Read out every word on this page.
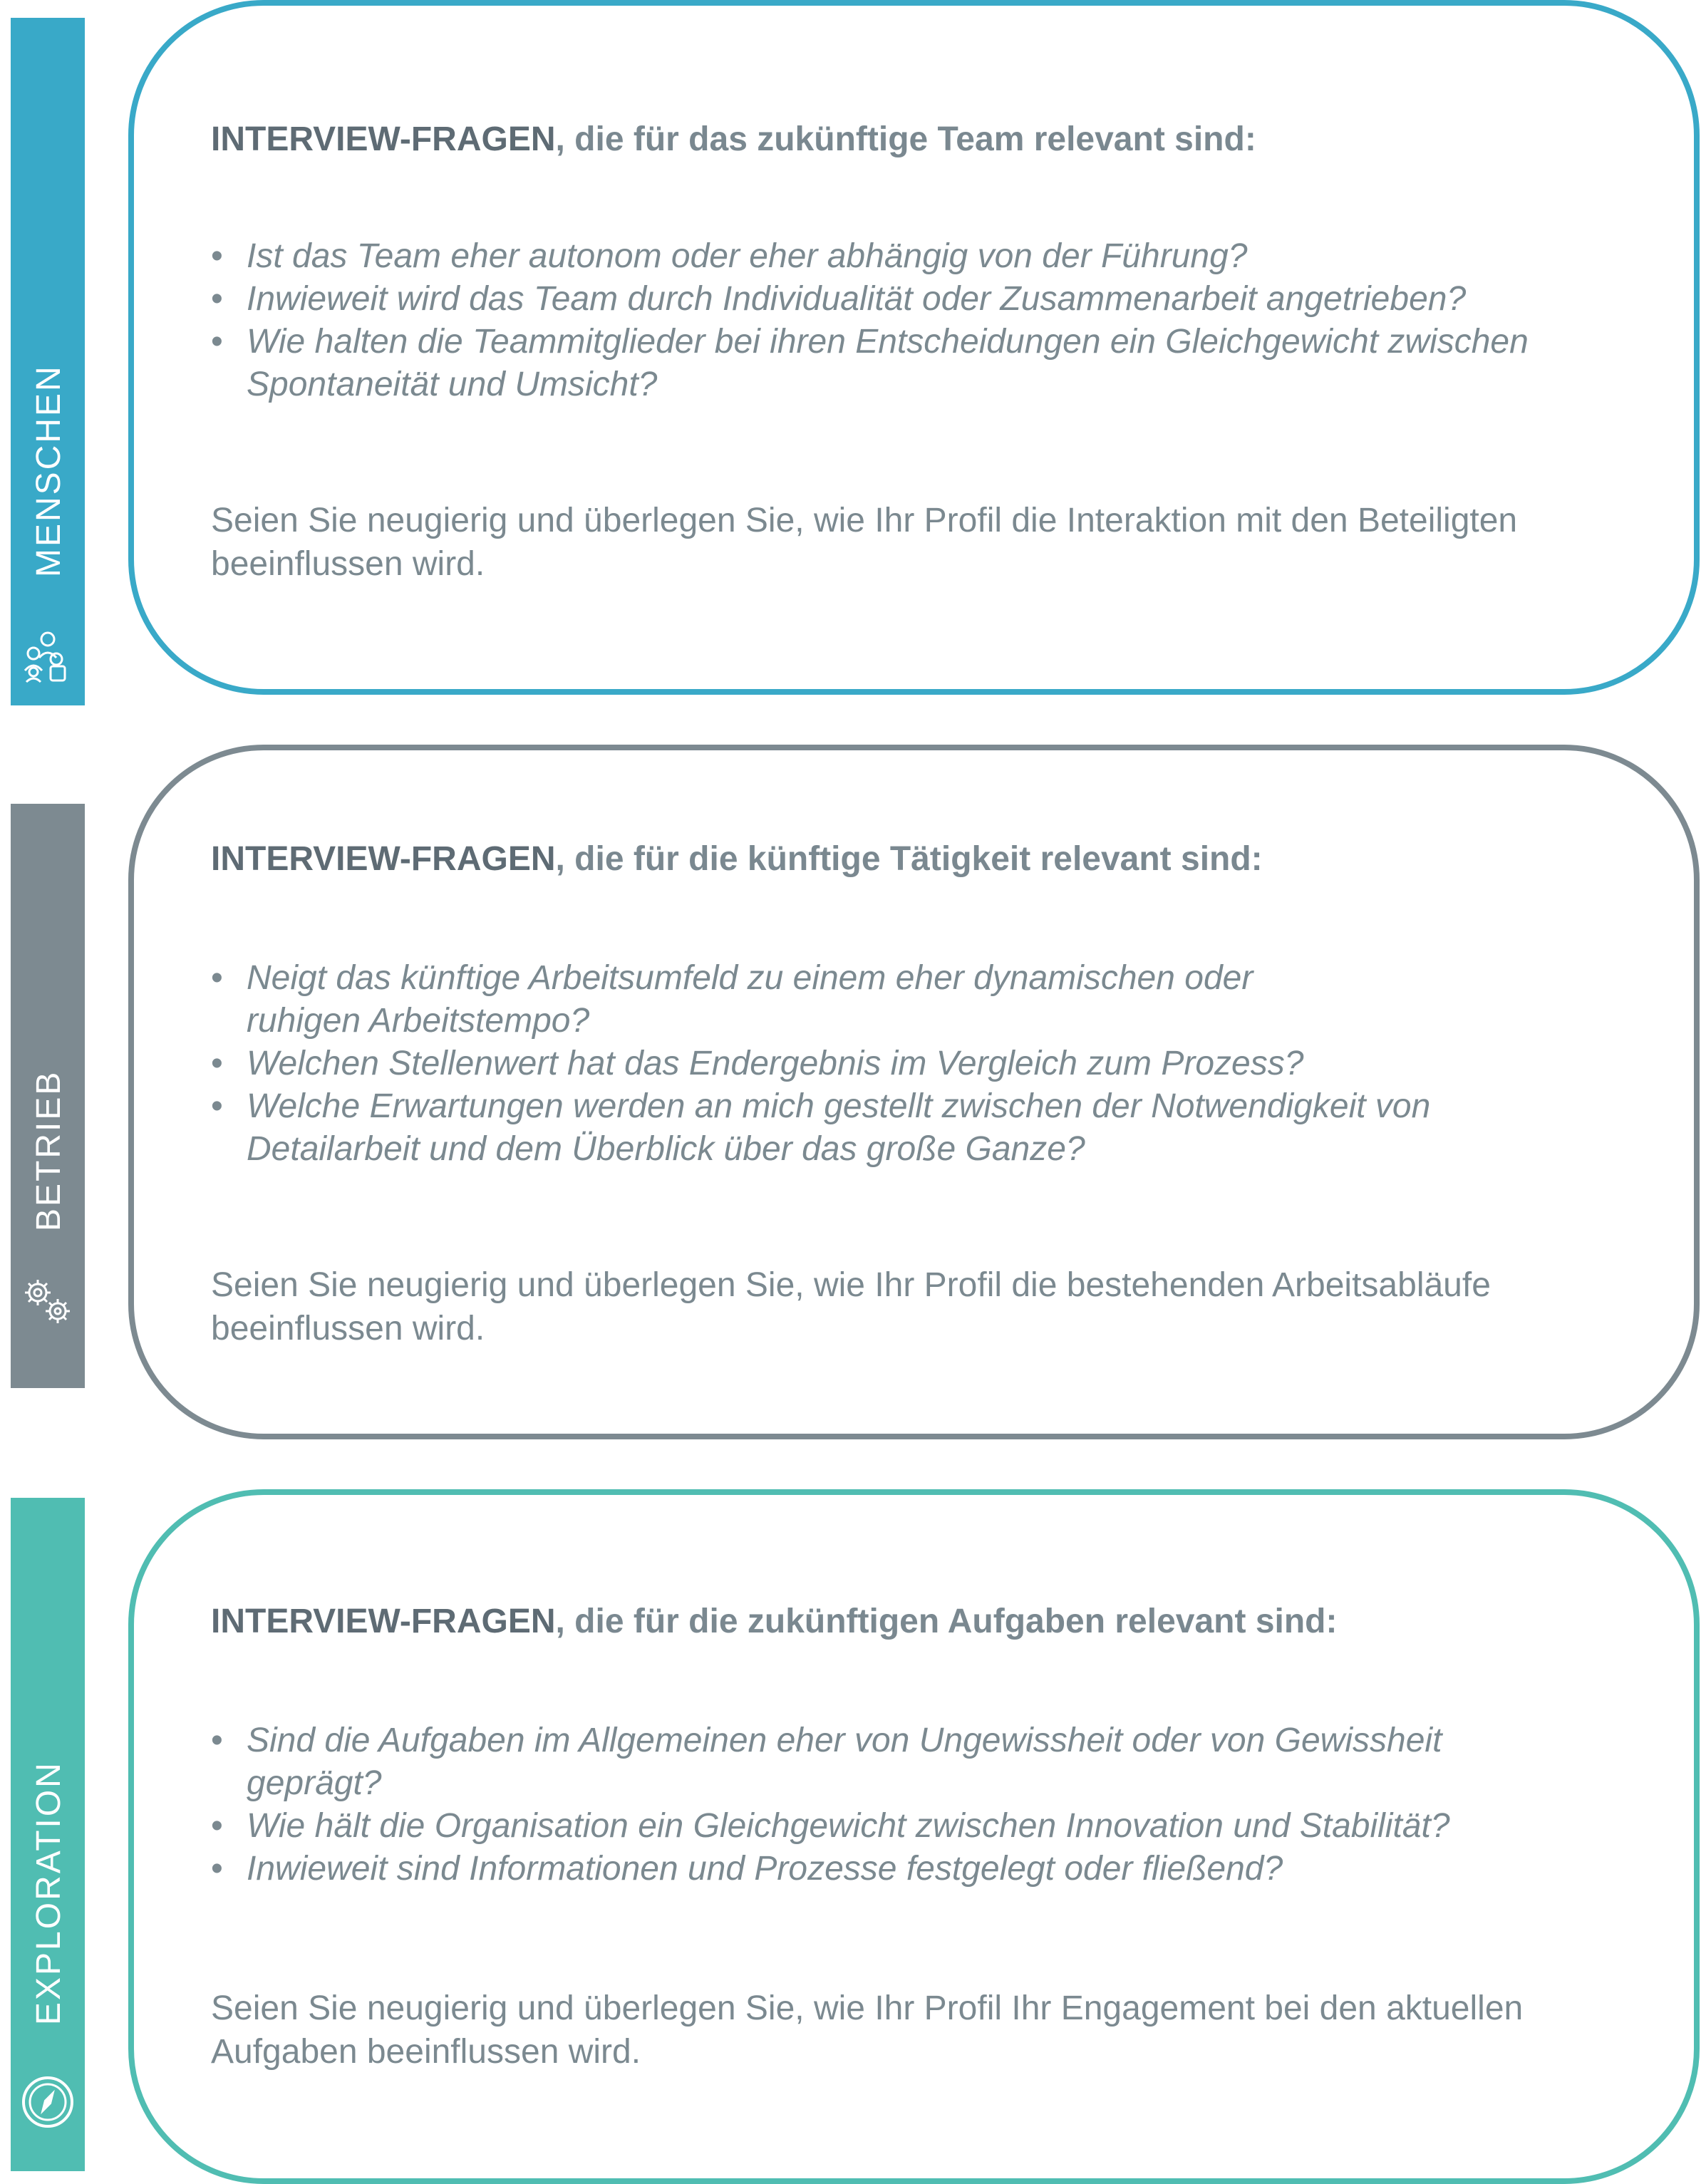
MENSCHEN

INTERVIEW-FRAGEN, die für das zukünftige Team relevant sind:

• Ist das Team eher autonom oder eher abhängig von der Führung?
• Inwieweit wird das Team durch Individualität oder Zusammenarbeit angetrieben?
• Wie halten die Teammitglieder bei ihren Entscheidungen ein Gleichgewicht zwischen Spontaneität und Umsicht?

Seien Sie neugierig und überlegen Sie, wie Ihr Profil die Interaktion mit den Beteiligten beeinflussen wird.

BETRIEB

INTERVIEW-FRAGEN, die für die künftige Tätigkeit relevant sind:

• Neigt das künftige Arbeitsumfeld zu einem eher dynamischen oder ruhigen Arbeitstempo?
• Welchen Stellenwert hat das Endergebnis im Vergleich zum Prozess?
• Welche Erwartungen werden an mich gestellt zwischen der Notwendigkeit von Detailarbeit und dem Überblick über das große Ganze?

Seien Sie neugierig und überlegen Sie, wie Ihr Profil die bestehenden Arbeitsabläufe beeinflussen wird.

EXPLORATION

INTERVIEW-FRAGEN, die für die zukünftigen Aufgaben relevant sind:

• Sind die Aufgaben im Allgemeinen eher von Ungewissheit oder von Gewissheit geprägt?
• Wie hält die Organisation ein Gleichgewicht zwischen Innovation und Stabilität?
• Inwieweit sind Informationen und Prozesse festgelegt oder fließend?

Seien Sie neugierig und überlegen Sie, wie Ihr Profil Ihr Engagement bei den aktuellen Aufgaben beeinflussen wird.
